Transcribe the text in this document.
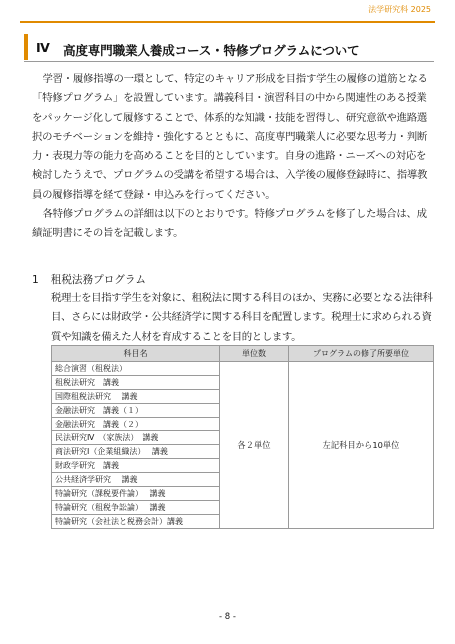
法学研究科 2025
Ⅳ 高度専門職業人養成コース・特修プログラムについて

学習・履修指導の一環として、特定のキャリア形成を目指す学生の履修の道筋となる「特修プログラム」を設置しています。講義科目・演習科目の中から関連性のある授業をパッケージ化して履修することで、体系的な知識・技能を習得し、研究意欲や進路選択のモチベーションを維持・強化するとともに、高度専門職業人に必要な思考力・判断力・表現力等の能力を高めることを目的としています。自身の進路・ニーズへの対応を検討したうえで、プログラムの受講を希望する場合は、入学後の履修登録時に、指導教員の履修指導を経て登録・申込みを行ってください。

各特修プログラムの詳細は以下のとおりです。特修プログラムを修了した場合は、成績証明書にその旨を記載します。

1 租税法務プログラム

税理士を目指す学生を対象に、租税法に関する科目のほか、実務に必要となる法律科目、さらには財政学・公共経済学に関する科目を配置します。税理士に求められる資質や知識を備えた人材を育成することを目的とします。

科目名	単位数	プログラムの修了所要単位
総合演習（租税法）	各２単位	左記科目から10単位
租税法研究　講義		
国際租税法研究　 講義		
金融法研究　講義（１）		
金融法研究　講義（２）		
民法研究Ⅳ　（家族法）　講義		
商法研究Ⅰ（企業組織法）　 講義		
財政学研究　講義		
公共経済学研究　 講義		
特論研究（課税要件論）　 講義		
特論研究（租税争訟論）　 講義		
特論研究（会社法と税務会計）講義		
- 8 -
